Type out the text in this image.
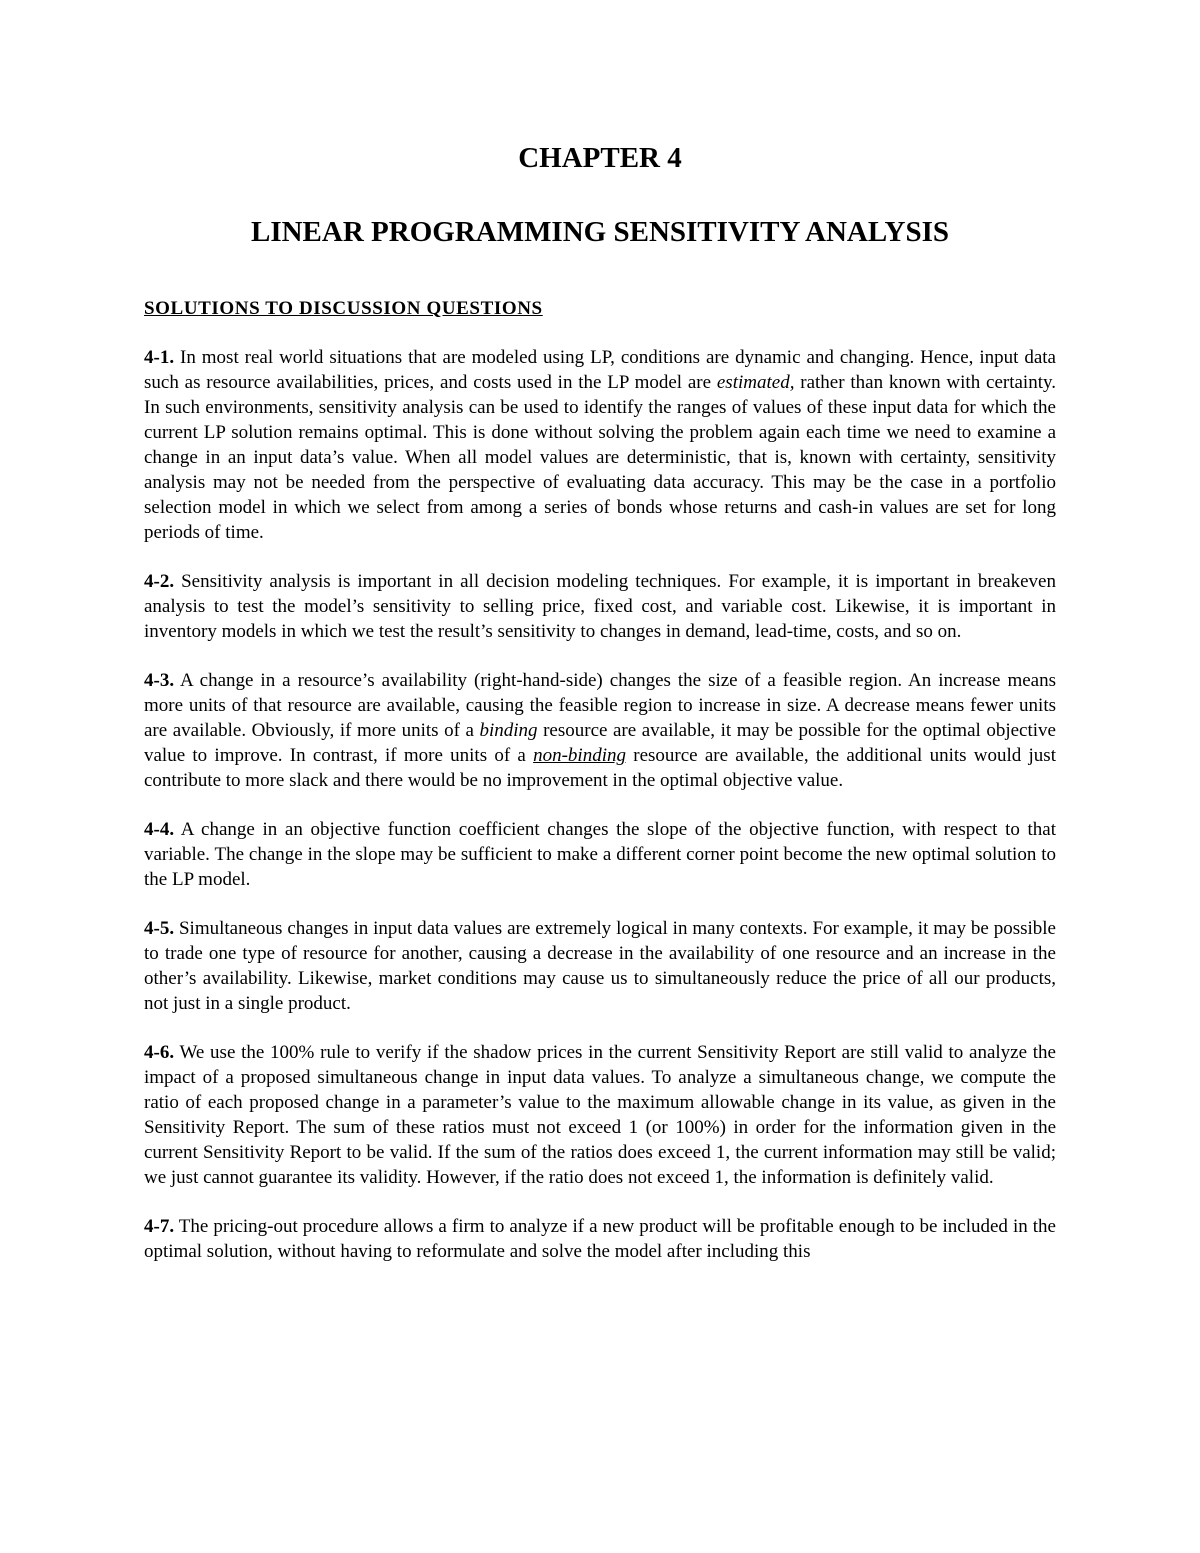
CHAPTER 4
LINEAR PROGRAMMING SENSITIVITY ANALYSIS
SOLUTIONS TO DISCUSSION QUESTIONS

4-1. In most real world situations that are modeled using LP, conditions are dynamic and changing. Hence, input data such as resource availabilities, prices, and costs used in the LP model are estimated, rather than known with certainty. In such environments, sensitivity analysis can be used to identify the ranges of values of these input data for which the current LP solution remains optimal. This is done without solving the problem again each time we need to examine a change in an input data’s value. When all model values are deterministic, that is, known with certainty, sensitivity analysis may not be needed from the perspective of evaluating data accuracy. This may be the case in a portfolio selection model in which we select from among a series of bonds whose returns and cash-in values are set for long periods of time.

4-2. Sensitivity analysis is important in all decision modeling techniques. For example, it is important in breakeven analysis to test the model’s sensitivity to selling price, fixed cost, and variable cost. Likewise, it is important in inventory models in which we test the result’s sensitivity to changes in demand, lead-time, costs, and so on.

4-3. A change in a resource’s availability (right-hand-side) changes the size of a feasible region. An increase means more units of that resource are available, causing the feasible region to increase in size. A decrease means fewer units are available. Obviously, if more units of a binding resource are available, it may be possible for the optimal objective value to improve. In contrast, if more units of a non-binding resource are available, the additional units would just contribute to more slack and there would be no improvement in the optimal objective value.

4-4. A change in an objective function coefficient changes the slope of the objective function, with respect to that variable. The change in the slope may be sufficient to make a different corner point become the new optimal solution to the LP model.

4-5. Simultaneous changes in input data values are extremely logical in many contexts. For example, it may be possible to trade one type of resource for another, causing a decrease in the availability of one resource and an increase in the other’s availability. Likewise, market conditions may cause us to simultaneously reduce the price of all our products, not just in a single product.

4-6. We use the 100% rule to verify if the shadow prices in the current Sensitivity Report are still valid to analyze the impact of a proposed simultaneous change in input data values. To analyze a simultaneous change, we compute the ratio of each proposed change in a parameter’s value to the maximum allowable change in its value, as given in the Sensitivity Report. The sum of these ratios must not exceed 1 (or 100%) in order for the information given in the current Sensitivity Report to be valid. If the sum of the ratios does exceed 1, the current information may still be valid; we just cannot guarantee its validity. However, if the ratio does not exceed 1, the information is definitely valid.

4-7. The pricing-out procedure allows a firm to analyze if a new product will be profitable enough to be included in the optimal solution, without having to reformulate and solve the model after including this
